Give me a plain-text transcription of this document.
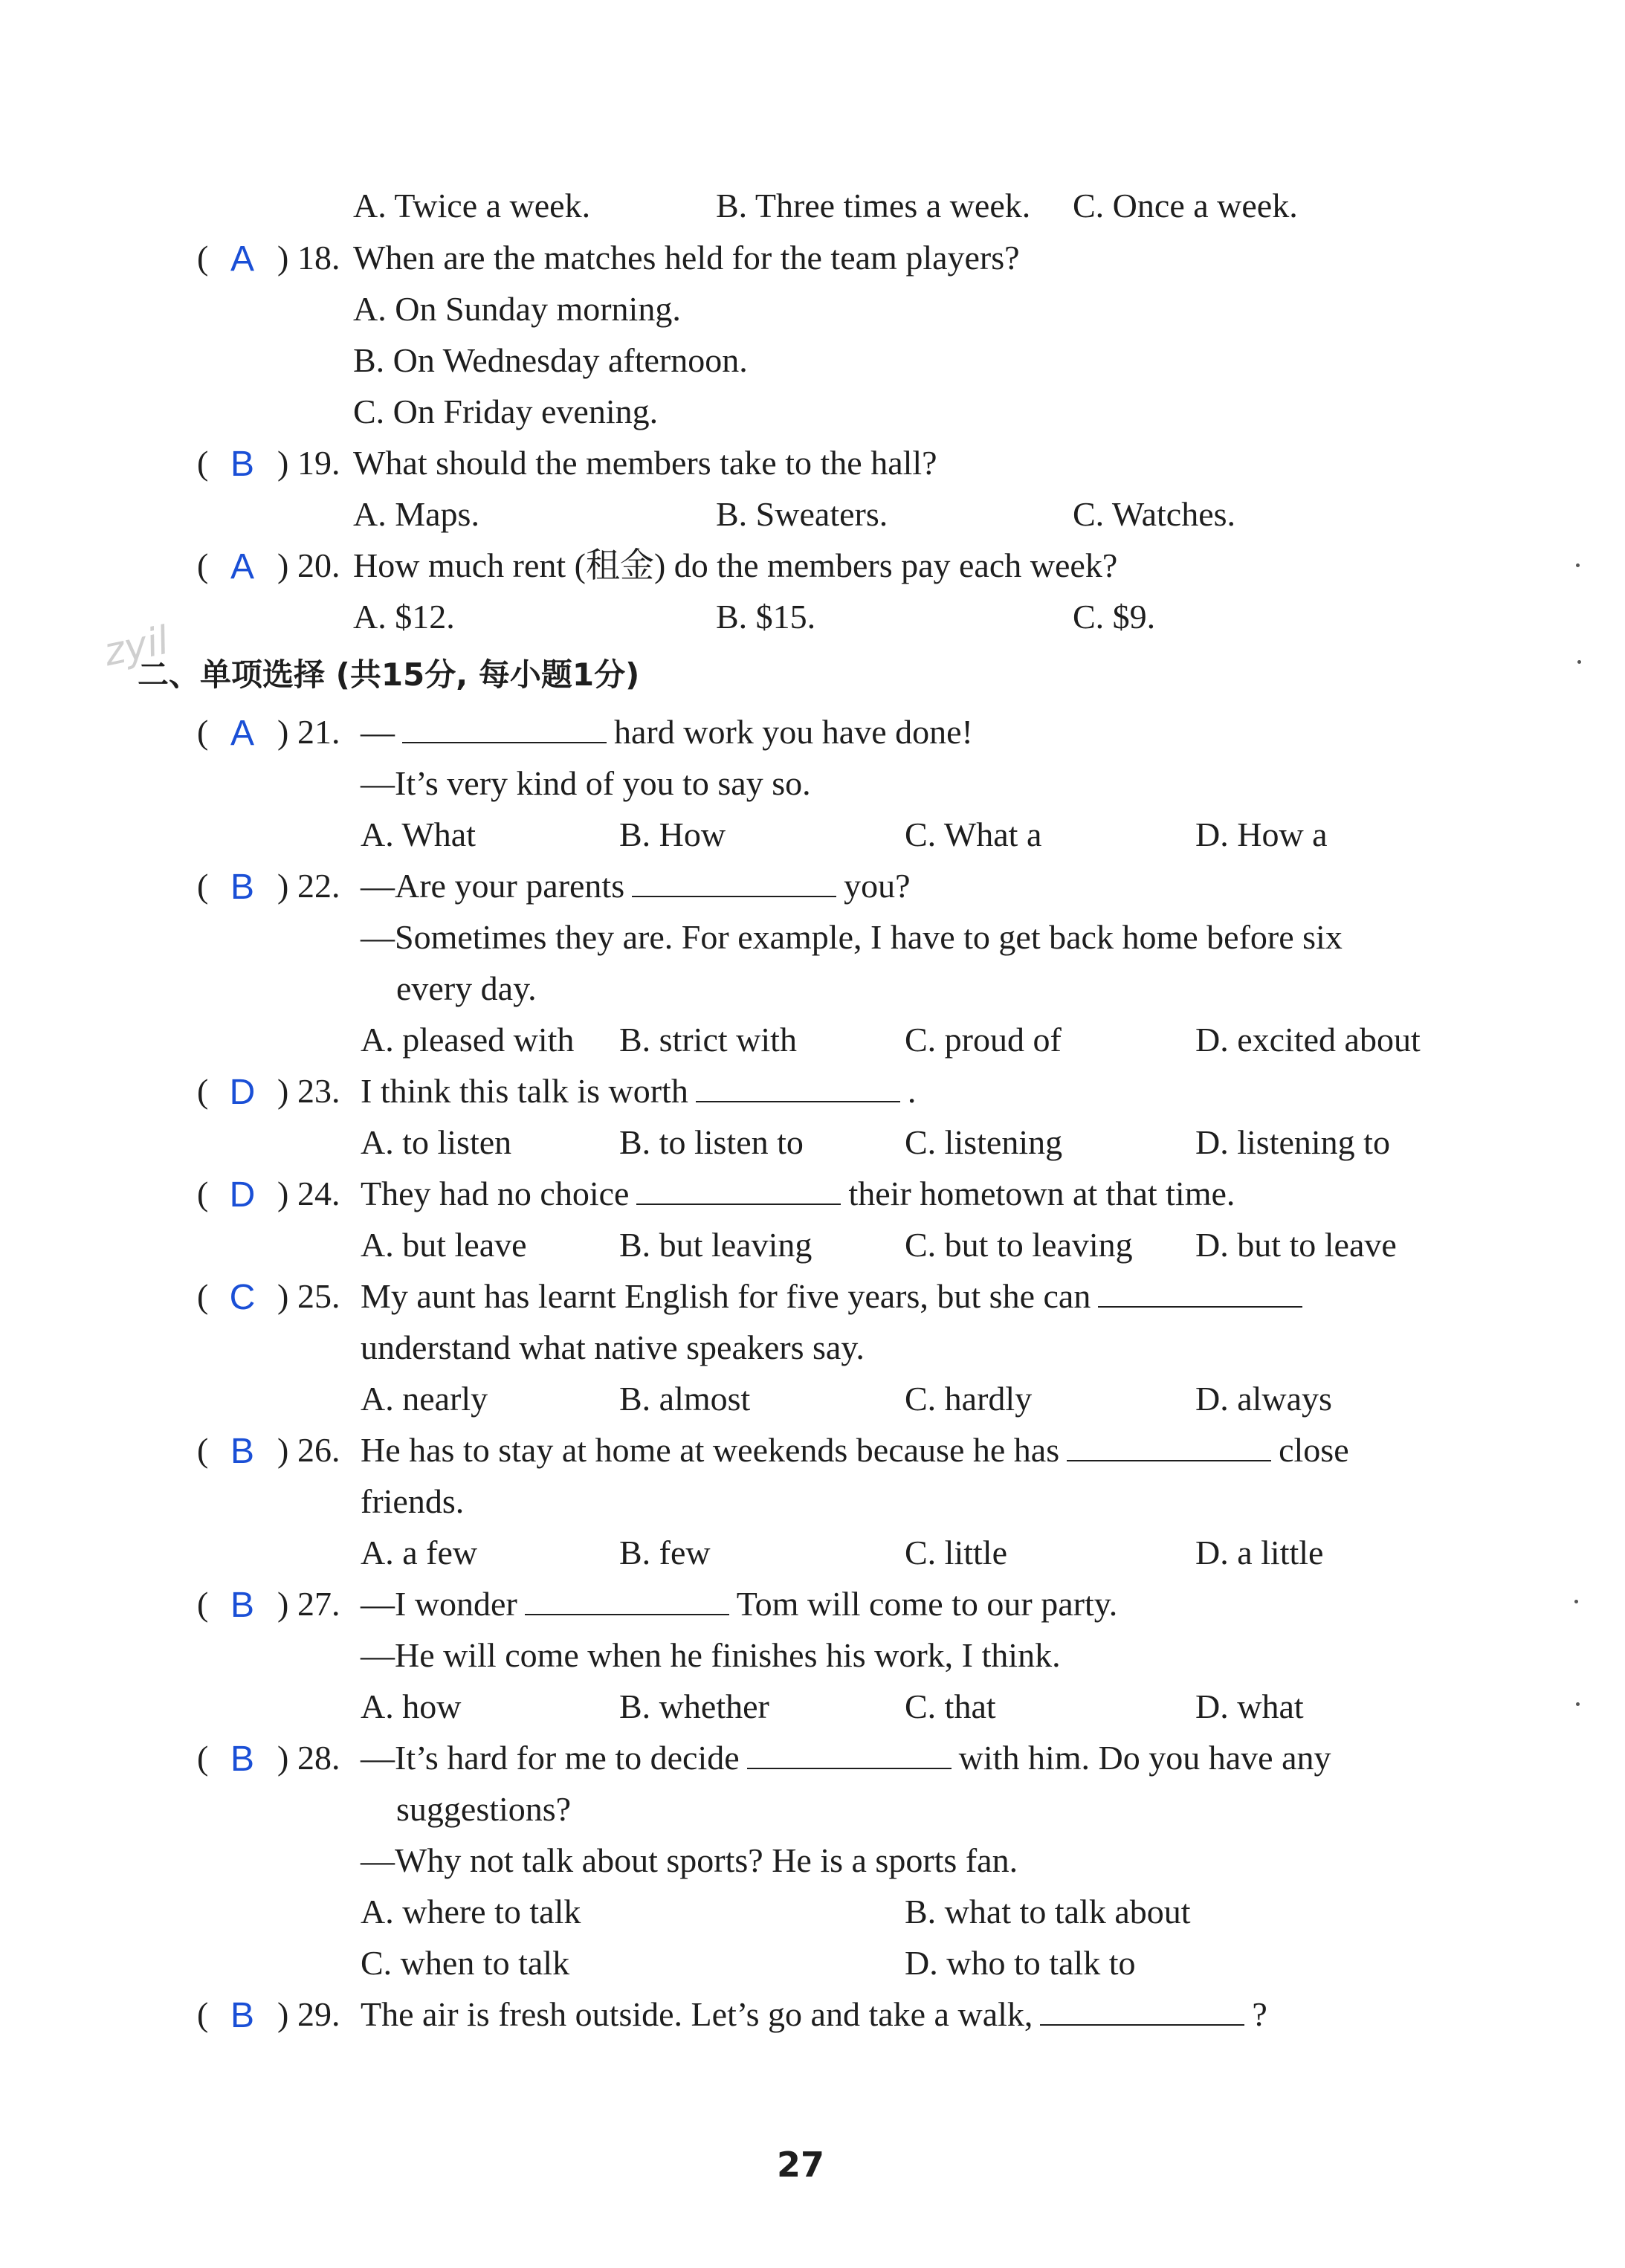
zyil
A. Twice a week.	B. Three times a week. C. Once a week.
( A ) 18. When are the matches held for the team players?
A. On Sunday morning.
B. On Wednesday afternoon.
C. On Friday evening.
( B ) 19. What should the members take to the hall?
A. Maps.	B. Sweaters.	C. Watches.
( A ) 20. How much rent (租金) do the members pay each week?
A. $12.	B. $15.	C. $9.
二、单项选择 (共15分, 每小题1分)
( A ) 21. —	hard work you have done!
—It’s very kind of you to say so.
A. What	B. How	C. What a	D. How a
( B ) 22. —Are your parents	you?
—Sometimes they are. For example, I have to get back home before six
every day.
A. pleased with B. strict with	C. proud of	D. excited about
( D ) 23. I think this talk is worth	.
A. to listen	B. to listen to	C. listening	D. listening to
( D ) 24. They had no choice	their hometown at that time.
A. but leave	B. but leaving	C. but to leaving D. but to leave
( C ) 25. My aunt has learnt English for five years, but she can
understand what native speakers say.
A. nearly	B. almost	C. hardly	D. always
( B ) 26. He has to stay at home at weekends because he has	close
friends.
A. a few	B. few	C. little	D. a little
( B ) 27. —I wonder	Tom will come to our party.
—He will come when he finishes his work, I think.
A. how	B. whether	C. that	D. what
( B ) 28. —It’s hard for me to decide	with him. Do you have any
suggestions?
—Why not talk about sports? He is a sports fan.
A. where to talk	B. what to talk about
C. when to talk	D. who to talk to
( B ) 29. The air is fresh outside. Let’s go and take a walk,	?
27
